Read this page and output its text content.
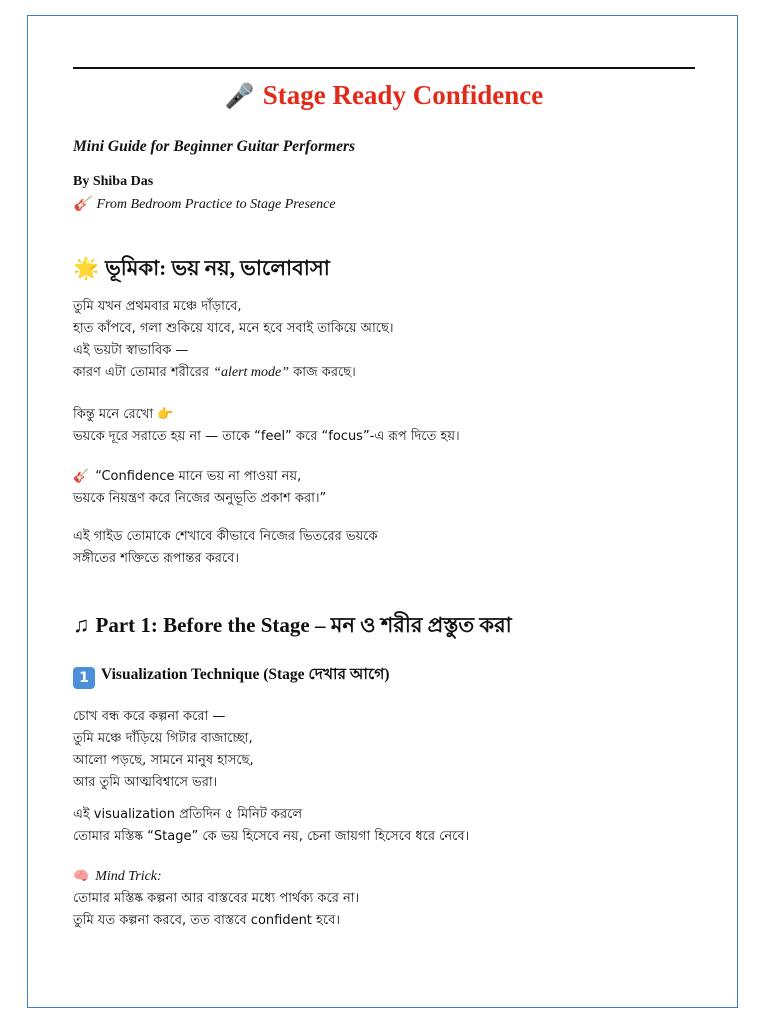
🎤 Stage Ready Confidence
Mini Guide for Beginner Guitar Performers
By Shiba Das
🎸 From Bedroom Practice to Stage Presence
🌟 ভূমিকা: ভয় নয়, ভালোবাসা
তুমি যখন প্রথমবার মঞ্চে দাঁড়াবে,
হাত কাঁপবে, গলা শুকিয়ে যাবে, মনে হবে সবাই তাকিয়ে আছে।
এই ভয়টা স্বাভাবিক —
কারণ এটা তোমার শরীরের “alert mode” কাজ করছে।
কিন্তু মনে রেখো 👉
ভয়কে দূরে সরাতে হয় না — তাকে “feel” করে “focus”-এ রূপ দিতে হয়।
🎸 “Confidence মানে ভয় না পাওয়া নয়,
ভয়কে নিয়ন্ত্রণ করে নিজের অনুভূতি প্রকাশ করা।”
এই গাইড তোমাকে শেখাবে কীভাবে নিজের ভিতরের ভয়কে
সঙ্গীতের শক্তিতে রূপান্তর করবে।
♫ Part 1: Before the Stage – মন ও শরীর প্রস্তুত করা
1 Visualization Technique (Stage দেখার আগে)
চোখ বন্ধ করে কল্পনা করো —
তুমি মঞ্চে দাঁড়িয়ে গিটার বাজাচ্ছো,
আলো পড়ছে, সামনে মানুষ হাসছে,
আর তুমি আত্মবিশ্বাসে ভরা।
এই visualization প্রতিদিন ৫ মিনিট করলে
তোমার মস্তিষ্ক “Stage” কে ভয় হিসেবে নয়, চেনা জায়গা হিসেবে ধরে নেবে।
🧠 Mind Trick:
তোমার মস্তিষ্ক কল্পনা আর বাস্তবের মধ্যে পার্থক্য করে না।
তুমি যত কল্পনা করবে, তত বাস্তবে confident হবে।
